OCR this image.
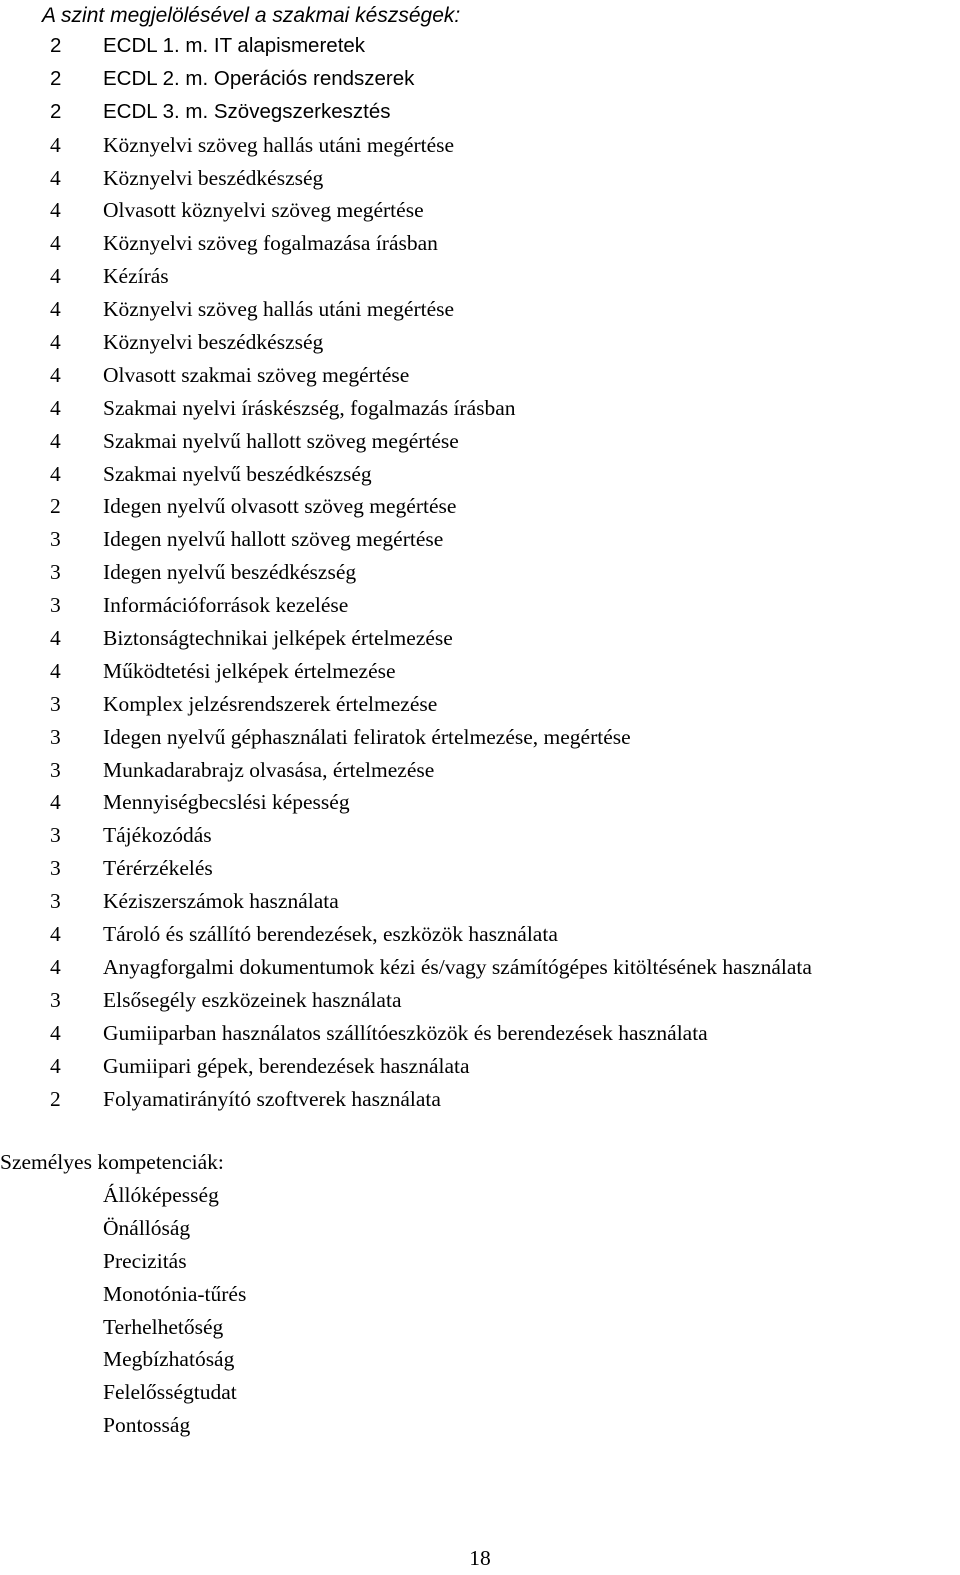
A szint megjelölésével a szakmai készségek:
2 ECDL 1. m. IT alapismeretek
2 ECDL 2. m. Operációs rendszerek
2 ECDL 3. m. Szövegszerkesztés
4 Köznyelvi szöveg hallás utáni megértése
4 Köznyelvi beszédkészség
4 Olvasott köznyelvi szöveg megértése
4 Köznyelvi szöveg fogalmazása írásban
4 Kézírás
4 Köznyelvi szöveg hallás utáni megértése
4 Köznyelvi beszédkészség
4 Olvasott szakmai szöveg megértése
4 Szakmai nyelvi íráskészség, fogalmazás írásban
4 Szakmai nyelvű hallott szöveg megértése
4 Szakmai nyelvű beszédkészség
2 Idegen nyelvű olvasott szöveg megértése
3 Idegen nyelvű hallott szöveg megértése
3 Idegen nyelvű beszédkészség
3 Információforrások kezelése
4 Biztonságtechnikai jelképek értelmezése
4 Működtetési jelképek értelmezése
3 Komplex jelzésrendszerek értelmezése
3 Idegen nyelvű géphasználati feliratok értelmezése, megértése
3 Munkadarabrajz olvasása, értelmezése
4 Mennyiségbecslési képesség
3 Tájékozódás
3 Térérzékelés
3 Kéziszerszámok használata
4 Tároló és szállító berendezések, eszközök használata
4 Anyagforgalmi dokumentumok kézi és/vagy számítógépes kitöltésének használata
3 Elsősegély eszközeinek használata
4 Gumiiparban használatos szállítóeszközök és berendezések használata
4 Gumiipari gépek, berendezések használata
2 Folyamatirányító szoftverek használata
Személyes kompetenciák:
Állóképesség
Önállóság
Precizitás
Monotónia-tűrés
Terhelhetőség
Megbízhatóság
Felelősségtudat
Pontosság
18
